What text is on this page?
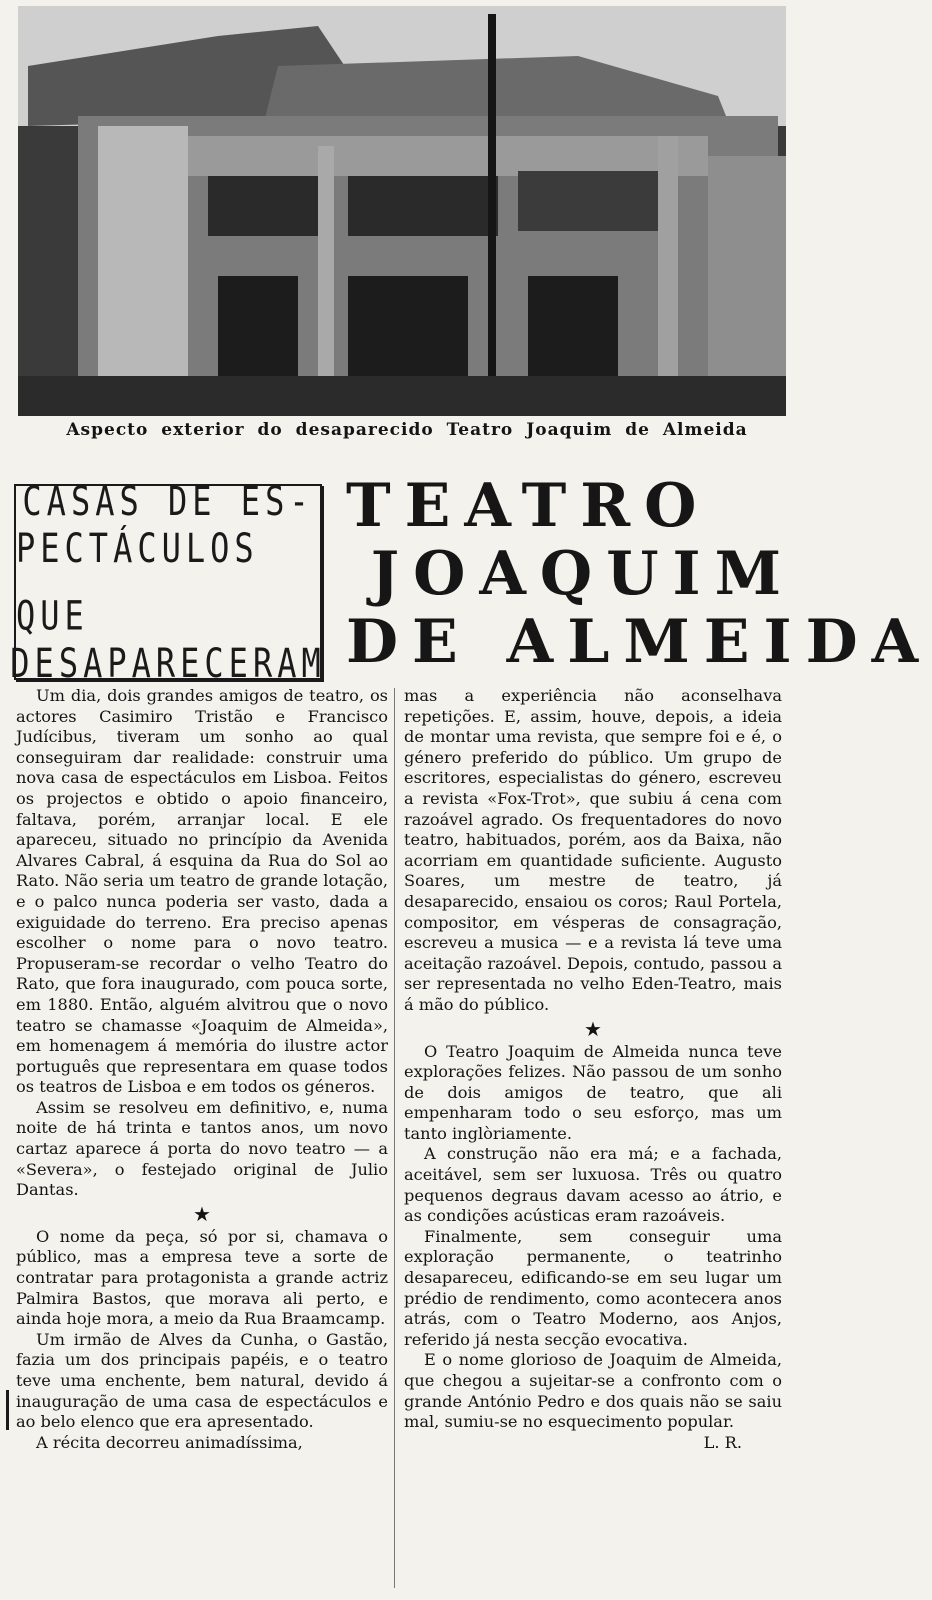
Aspecto exterior do desaparecido Teatro Joaquim de Almeida
CASAS DE ES-
PECTÁCULOS QUE
DESAPARECERAM
TEATRO
JOAQUIM
DE ALMEIDA

Um dia, dois grandes amigos de teatro, os actores Casimiro Tristão e Francisco Judícibus, tiveram um sonho ao qual conseguiram dar realidade: construir uma nova casa de espectáculos em Lisboa. Feitos os projectos e obtido o apoio financeiro, faltava, porém, arranjar local. E ele apareceu, situado no princípio da Avenida Alvares Cabral, á esquina da Rua do Sol ao Rato. Não seria um teatro de grande lotação, e o palco nunca poderia ser vasto, dada a exiguidade do terreno. Era preciso apenas escolher o nome para o novo teatro. Propuseram-se recordar o velho Teatro do Rato, que fora inaugurado, com pouca sorte, em 1880. Então, alguém alvitrou que o novo teatro se chamasse «Joaquim de Almeida», em homenagem á memória do ilustre actor português que representara em quase todos os teatros de Lisboa e em todos os géneros.

Assim se resolveu em definitivo, e, numa noite de há trinta e tantos anos, um novo cartaz aparece á porta do novo teatro — a «Severa», o festejado original de Julio Dantas.

★

O nome da peça, só por si, chamava o público, mas a empresa teve a sorte de contratar para protagonista a grande actriz Palmira Bastos, que morava ali perto, e ainda hoje mora, a meio da Rua Braamcamp.

Um irmão de Alves da Cunha, o Gastão, fazia um dos principais papéis, e o teatro teve uma enchente, bem natural, devido á inauguração de uma casa de espectáculos e ao belo elenco que era apresentado.

A récita decorreu animadíssima,

mas a experiência não aconselhava repetições. E, assim, houve, depois, a ideia de montar uma revista, que sempre foi e é, o género preferido do público. Um grupo de escritores, especialistas do género, escreveu a revista «Fox-Trot», que subiu á cena com razoável agrado. Os frequentadores do novo teatro, habituados, porém, aos da Baixa, não acorriam em quantidade suficiente. Augusto Soares, um mestre de teatro, já desaparecido, ensaiou os coros; Raul Portela, compositor, em vésperas de consagração, escreveu a musica — e a revista lá teve uma aceitação razoável. Depois, contudo, passou a ser representada no velho Eden-Teatro, mais á mão do público.

★

O Teatro Joaquim de Almeida nunca teve explorações felizes. Não passou de um sonho de dois amigos de teatro, que ali empenharam todo o seu esforço, mas um tanto inglòriamente.

A construção não era má; e a fachada, aceitável, sem ser luxuosa. Três ou quatro pequenos degraus davam acesso ao átrio, e as condições acústicas eram razoáveis.

Finalmente, sem conseguir uma exploração permanente, o teatrinho desapareceu, edificando-se em seu lugar um prédio de rendimento, como acontecera anos atrás, com o Teatro Moderno, aos Anjos, referido já nesta secção evocativa.

E o nome glorioso de Joaquim de Almeida, que chegou a sujeitar-se a confronto com o grande António Pedro e dos quais não se saiu mal, sumiu-se no esquecimento popular.

L. R.
